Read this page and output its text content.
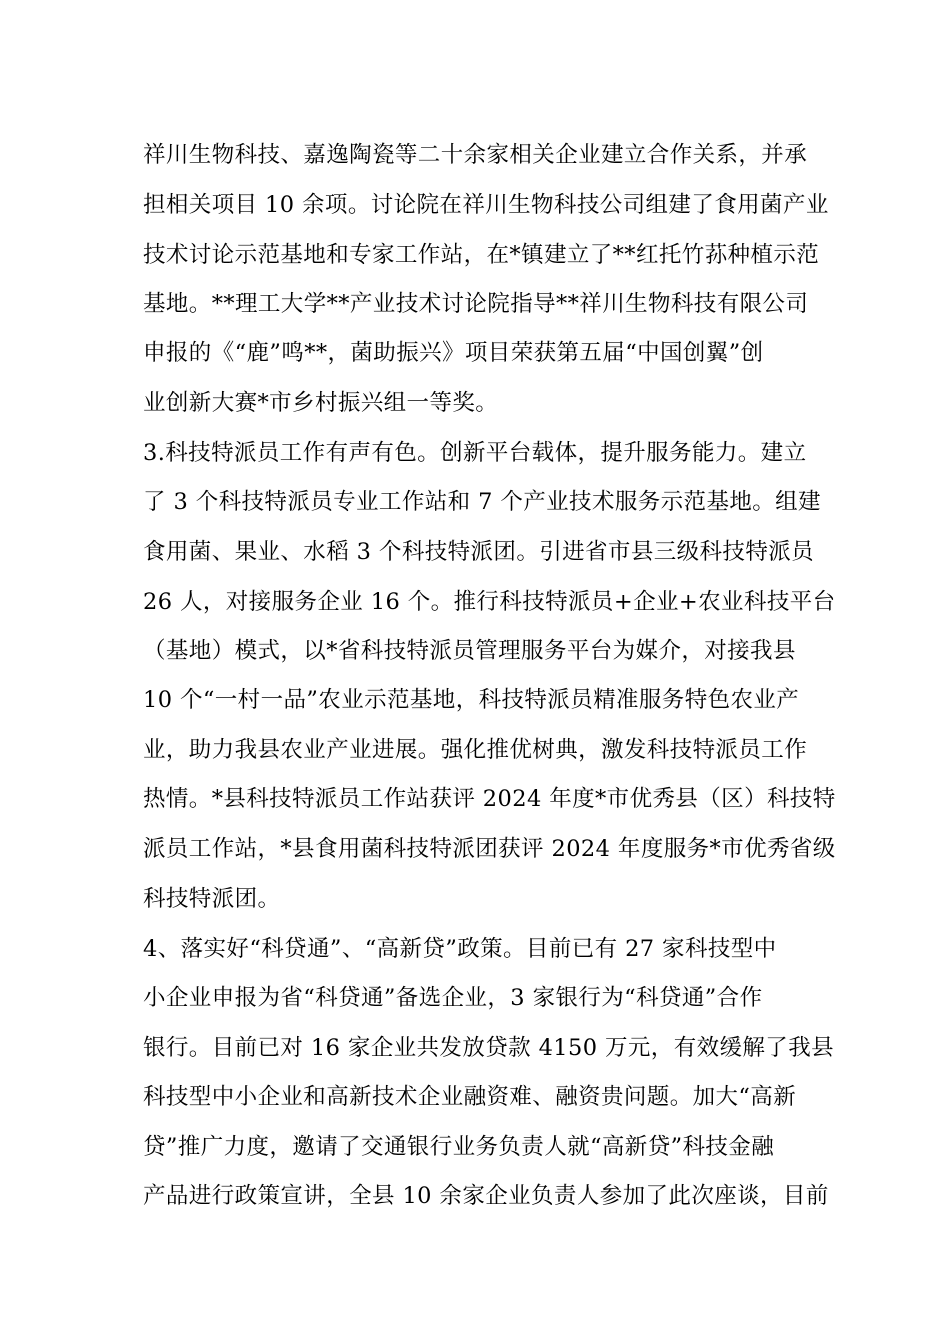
祥川生物科技、嘉逸陶瓷等二十余家相关企业建立合作关系，并承
担相关项目 10 余项。讨论院在祥川生物科技公司组建了食用菌产业
技术讨论示范基地和专家工作站，在*镇建立了**红托竹荪种植示范
基地。**理工大学**产业技术讨论院指导**祥川生物科技有限公司
申报的《“鹿”鸣**，菌助振兴》项目荣获第五届“中国创翼”创
业创新大赛*市乡村振兴组一等奖。
3.科技特派员工作有声有色。创新平台载体，提升服务能力。建立
了 3 个科技特派员专业工作站和 7 个产业技术服务示范基地。组建
食用菌、果业、水稻 3 个科技特派团。引进省市县三级科技特派员
26 人，对接服务企业 16 个。推行科技特派员+企业+农业科技平台
（基地）模式，以*省科技特派员管理服务平台为媒介，对接我县
10 个“一村一品”农业示范基地，科技特派员精准服务特色农业产
业，助力我县农业产业进展。强化推优树典，激发科技特派员工作
热情。*县科技特派员工作站获评 2024 年度*市优秀县（区）科技特
派员工作站，*县食用菌科技特派团获评 2024 年度服务*市优秀省级
科技特派团。
4、落实好“科贷通”、“高新贷”政策。目前已有 27 家科技型中
小企业申报为省“科贷通”备选企业，3 家银行为“科贷通”合作
银行。目前已对 16 家企业共发放贷款 4150 万元，有效缓解了我县
科技型中小企业和高新技术企业融资难、融资贵问题。加大“高新
贷”推广力度，邀请了交通银行业务负责人就“高新贷”科技金融
产品进行政策宣讲，全县 10 余家企业负责人参加了此次座谈，目前
